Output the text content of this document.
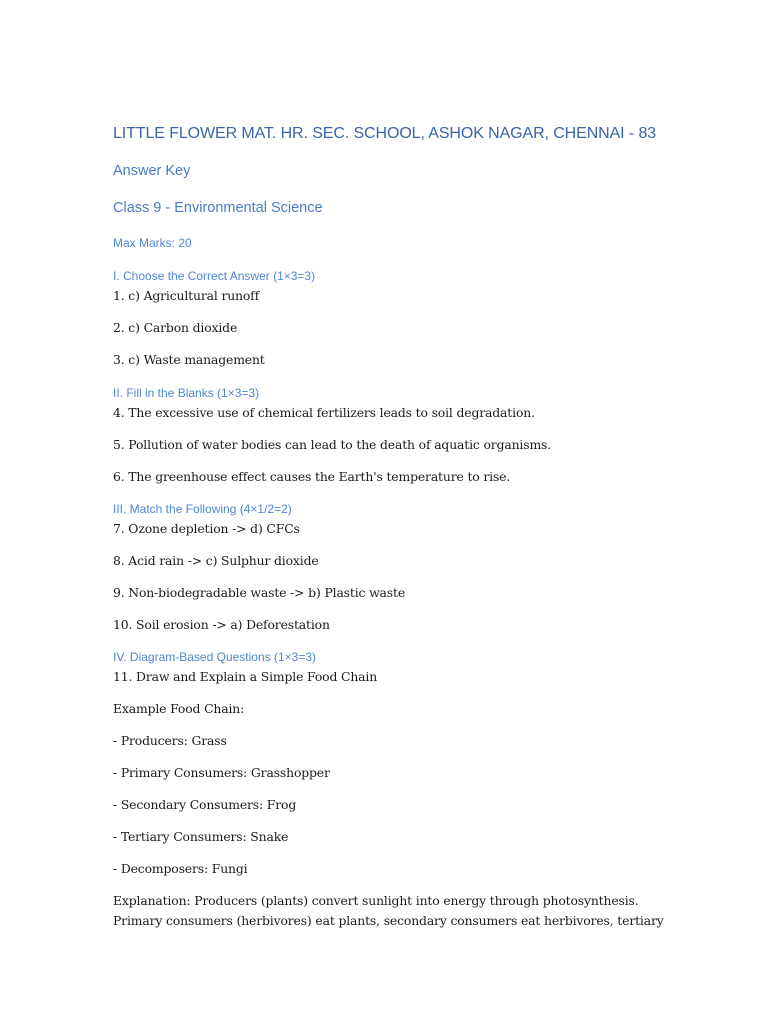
LITTLE FLOWER MAT. HR. SEC. SCHOOL, ASHOK NAGAR, CHENNAI - 83
Answer Key
Class 9 - Environmental Science
Max Marks: 20
I. Choose the Correct Answer (1×3=3)
1. c) Agricultural runoff
2. c) Carbon dioxide
3. c) Waste management
II. Fill in the Blanks (1×3=3)
4. The excessive use of chemical fertilizers leads to soil degradation.
5. Pollution of water bodies can lead to the death of aquatic organisms.
6. The greenhouse effect causes the Earth's temperature to rise.
III. Match the Following (4×1/2=2)
7. Ozone depletion -> d) CFCs
8. Acid rain -> c) Sulphur dioxide
9. Non-biodegradable waste -> b) Plastic waste
10. Soil erosion -> a) Deforestation
IV. Diagram-Based Questions (1×3=3)
11. Draw and Explain a Simple Food Chain
Example Food Chain:
- Producers: Grass
- Primary Consumers: Grasshopper
- Secondary Consumers: Frog
- Tertiary Consumers: Snake
- Decomposers: Fungi
Explanation: Producers (plants) convert sunlight into energy through photosynthesis.
Primary consumers (herbivores) eat plants, secondary consumers eat herbivores, tertiary
